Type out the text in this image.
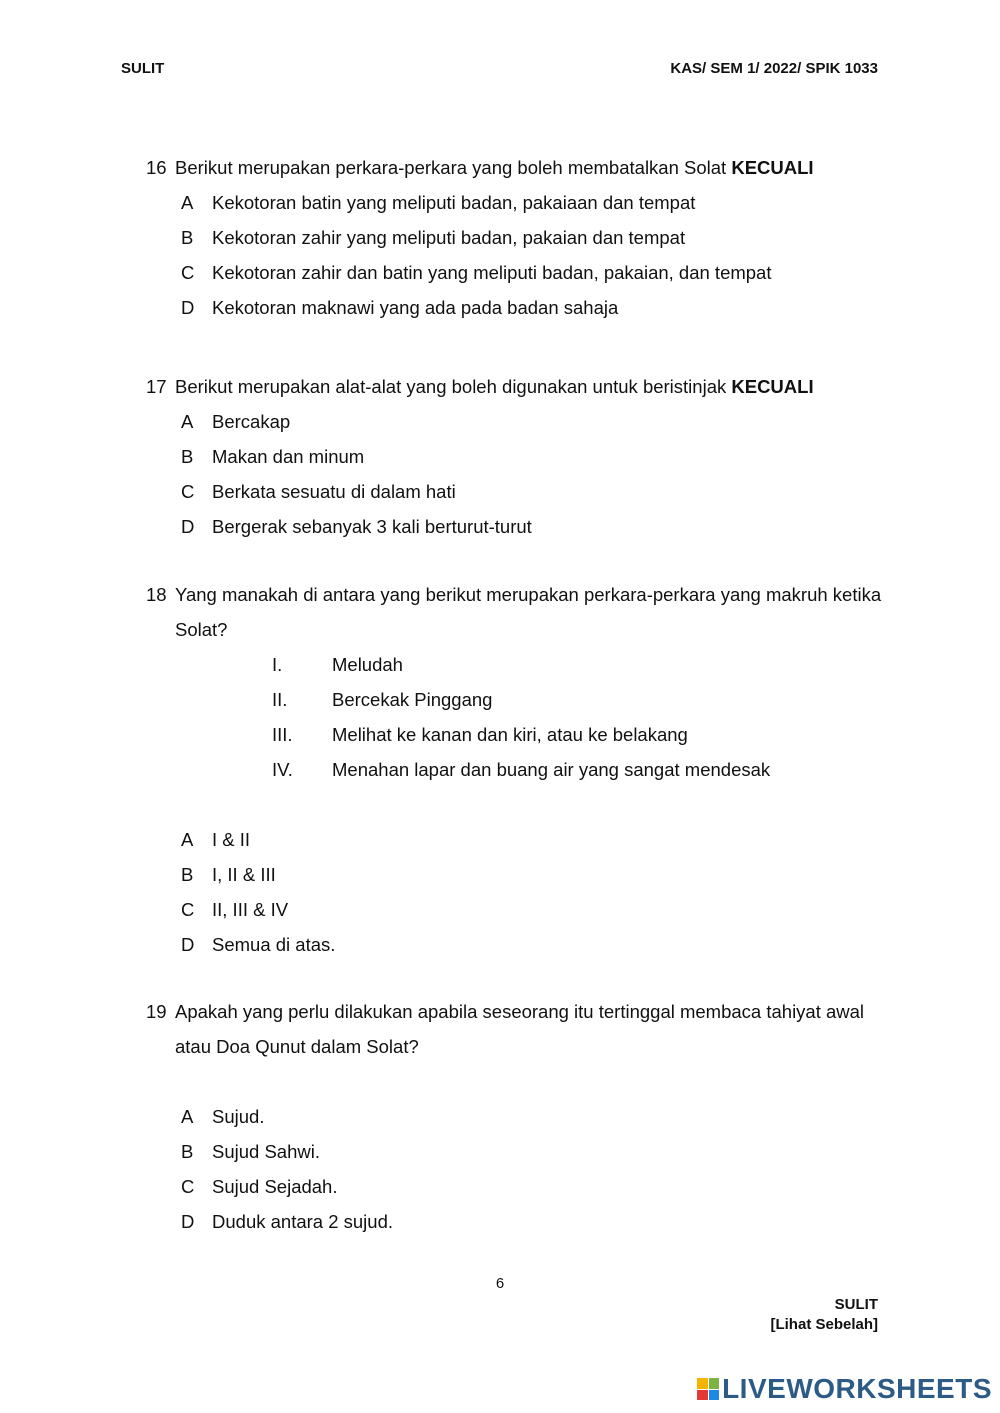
SULIT	KAS/ SEM 1/ 2022/ SPIK 1033
16 Berikut merupakan perkara-perkara yang boleh membatalkan Solat KECUALI
A Kekotoran batin yang meliputi badan, pakaiaan dan tempat
B Kekotoran zahir yang meliputi badan, pakaian dan tempat
C Kekotoran zahir dan batin yang meliputi badan, pakaian, dan tempat
D Kekotoran maknawi yang ada pada badan sahaja
17 Berikut merupakan alat-alat yang boleh digunakan untuk beristinjak KECUALI
A Bercakap
B Makan dan minum
C Berkata sesuatu di dalam hati
D Bergerak sebanyak 3 kali berturut-turut
18 Yang manakah di antara yang berikut merupakan perkara-perkara yang makruh ketika Solat?
I.	Meludah
II. Bercekak Pinggang
III. Melihat ke kanan dan kiri, atau ke belakang
IV. Menahan lapar dan buang air yang sangat mendesak
A I & II
B I, II & III
C II, III & IV
D Semua di atas.
19 Apakah yang perlu dilakukan apabila seseorang itu tertinggal membaca tahiyat awal atau Doa Qunut dalam Solat?
A Sujud.
B Sujud Sahwi.
C Sujud Sejadah.
D Duduk antara 2 sujud.
6
SULIT
[Lihat Sebelah]
LIVEWORKSHEETS
